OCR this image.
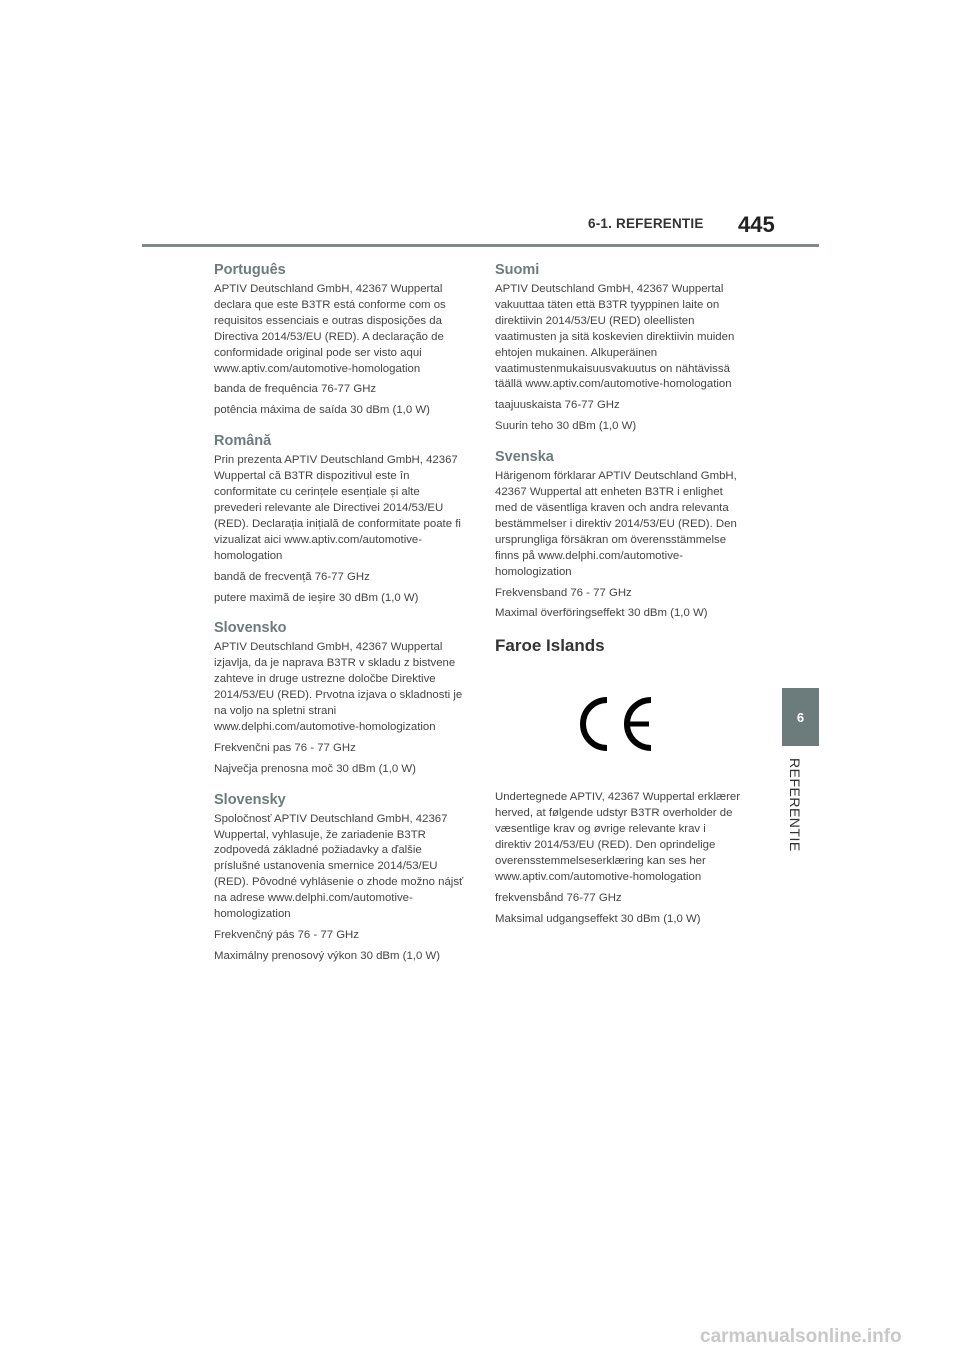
6-1. REFERENTIE 445
6
REFERENTIE
Português

APTIV Deutschland GmbH, 42367 Wuppertal declara que este B3TR está conforme com os requisitos essenciais e outras disposições da Directiva 2014/53/EU (RED). A declaração de conformidade original pode ser visto aqui www.aptiv.com/automotive-homologation

banda de frequência 76-77 GHz

potência máxima de saída 30 dBm (1,0 W)

Română

Prin prezenta APTIV Deutschland GmbH, 42367 Wuppertal că B3TR dispozitivul este în conformitate cu cerințele esențiale și alte prevederi relevante ale Directivei 2014/53/EU (RED). Declarația inițială de conformitate poate fi vizualizat aici www.aptiv.com/automotive-homologation

bandă de frecvență 76-77 GHz

putere maximă de ieșire 30 dBm (1,0 W)

Slovensko

APTIV Deutschland GmbH, 42367 Wuppertal izjavlja, da je naprava B3TR v skladu z bistvene zahteve in druge ustrezne določbe Direktive 2014/53/EU (RED). Prvotna izjava o skladnosti je na voljo na spletni strani www.delphi.com/automotive-homologization

Frekvenčni pas 76 - 77 GHz

Največja prenosna moč 30 dBm (1,0 W)

Slovensky

Spoločnosť APTIV Deutschland GmbH, 42367 Wuppertal, vyhlasuje, že zariadenie B3TR zodpovedá základné požiadavky a ďalšie príslušné ustanovenia smernice 2014/53/EU (RED). Pôvodné vyhlásenie o zhode možno nájsť na adrese www.delphi.com/automotive-homologization

Frekvenčný pás 76 - 77 GHz

Maximálny prenosový výkon 30 dBm (1,0 W)

Suomi

APTIV Deutschland GmbH, 42367 Wuppertal vakuuttaa täten että B3TR tyyppinen laite on direktiivin 2014/53/EU (RED) oleellisten vaatimusten ja sitä koskevien direktiivin muiden ehtojen mukainen. Alkuperäinen vaatimustenmukaisuusvakuutus on nähtävissä täällä www.aptiv.com/automotive-homologation

taajuuskaista 76-77 GHz

Suurin teho 30 dBm (1,0 W)

Svenska

Härigenom förklarar APTIV Deutschland GmbH, 42367 Wuppertal att enheten B3TR i enlighet med de väsentliga kraven och andra relevanta bestämmelser i direktiv 2014/53/EU (RED). Den ursprungliga försäkran om överensstämmelse finns på www.delphi.com/automotive-homologization

Frekvensband 76 - 77 GHz

Maximal överföringseffekt 30 dBm (1,0 W)

Faroe Islands

Undertegnede APTIV, 42367 Wuppertal erklærer herved, at følgende udstyr B3TR overholder de væsentlige krav og øvrige relevante krav i direktiv 2014/53/EU (RED). Den oprindelige overensstemmelseserklæring kan ses her www.aptiv.com/automotive-homologation

frekvensbånd 76-77 GHz

Maksimal udgangseffekt 30 dBm (1,0 W)

carmanualsonline.info
